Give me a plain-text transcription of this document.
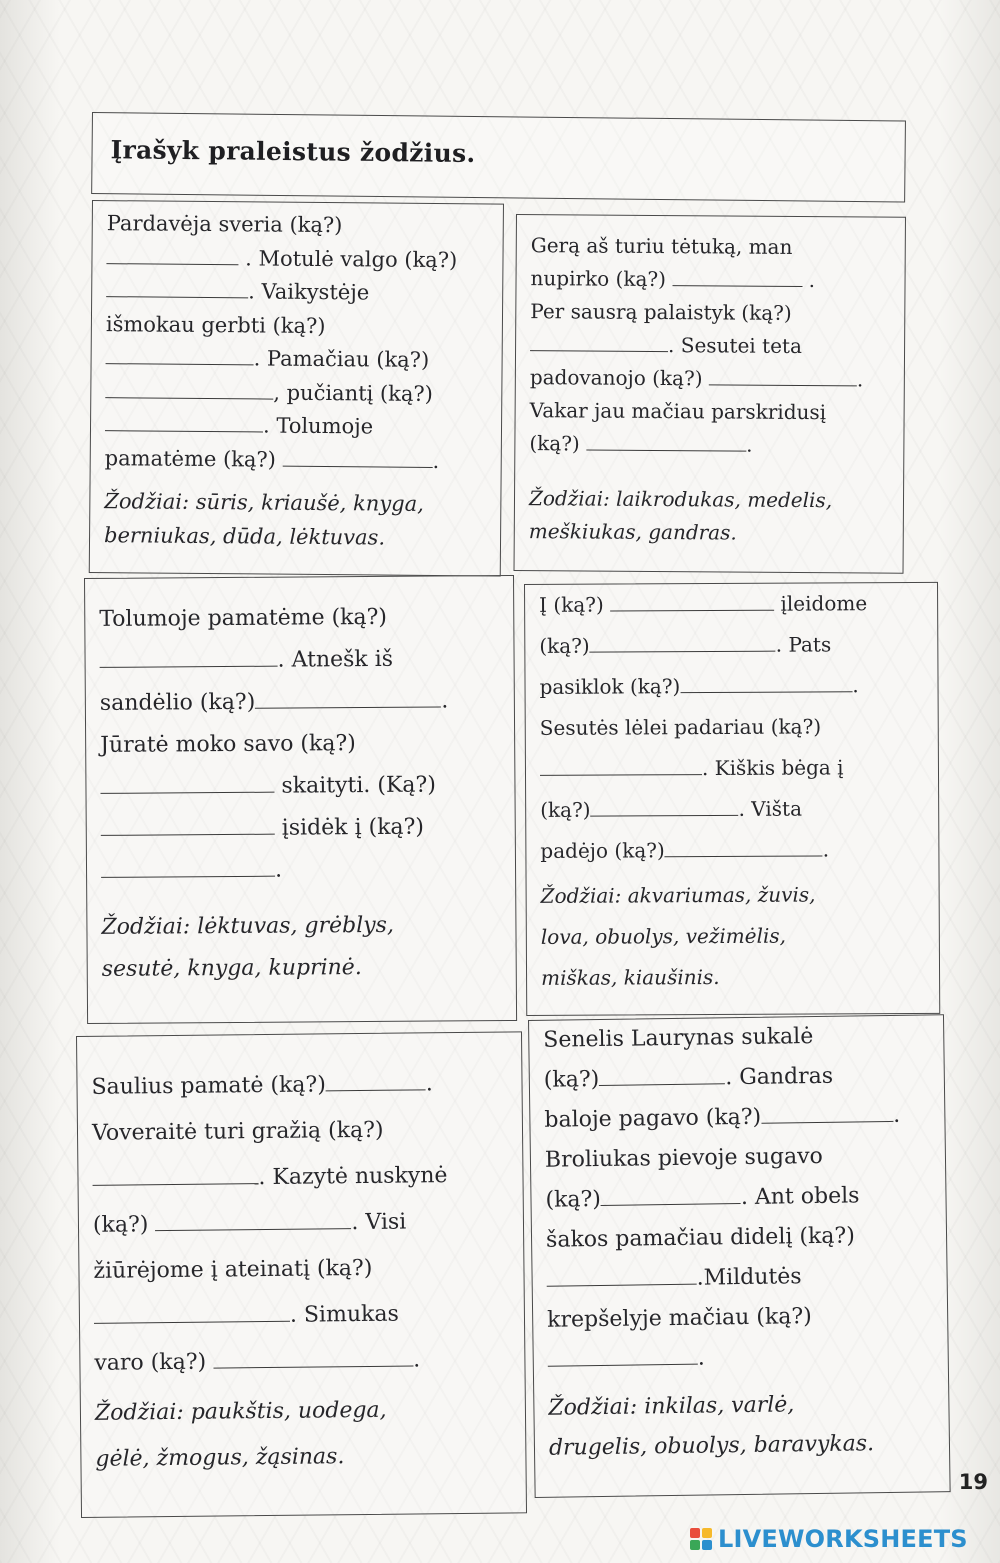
Įrašyk praleistus žodžius.
Pardavėja sveria (ką?)
. Motulė valgo (ką?)
. Vaikystėje
išmokau gerbti (ką?)
. Pamačiau (ką?)
, pučiantį (ką?)
. Tolumoje
pamatėme (ką?)	.
Žodžiai: sūris, kriaušė, knyga,
berniukas, dūda, lėktuvas.
Gerą aš turiu tėtuką, man
nupirko (ką?)	.
Per sausrą palaistyk (ką?)
. Sesutei teta
padovanojo (ką?)	.
Vakar jau mačiau parskridusį
(ką?)	.
Žodžiai: laikrodukas, medelis,
meškiukas, gandras.
Tolumoje pamatėme (ką?)
. Atnešk iš
sandėlio (ką?)	.
Jūratė moko savo (ką?)
skaityti. (Ką?)
įsidėk į (ką?)
.
Žodžiai: lėktuvas, grėblys,
sesutė, knyga, kuprinė.
Į (ką?)	įleidome
(ką?)	. Pats
pasiklok (ką?)	.
Sesutės lėlei padariau (ką?)
. Kiškis bėga į
(ką?)	. Višta
padėjo (ką?)	.
Žodžiai: akvariumas, žuvis,
lova, obuolys, vežimėlis,
miškas, kiaušinis.
Saulius pamatė (ką?)	.
Voveraitė turi gražią (ką?)
. Kazytė nuskynė
(ką?)	. Visi
žiūrėjome į ateinatį (ką?)
. Simukas
varo (ką?)	.
Žodžiai: paukštis, uodega,
gėlė, žmogus, žąsinas.
Senelis Laurynas sukalė
(ką?)	. Gandras
baloje pagavo (ką?)	.
Broliukas pievoje sugavo
(ką?)	. Ant obels
šakos pamačiau didelį (ką?)
.Mildutės
krepšelyje mačiau (ką?)
.
Žodžiai: inkilas, varlė,
drugelis, obuolys, baravykas.
19
LIVEWORKSHEETS
